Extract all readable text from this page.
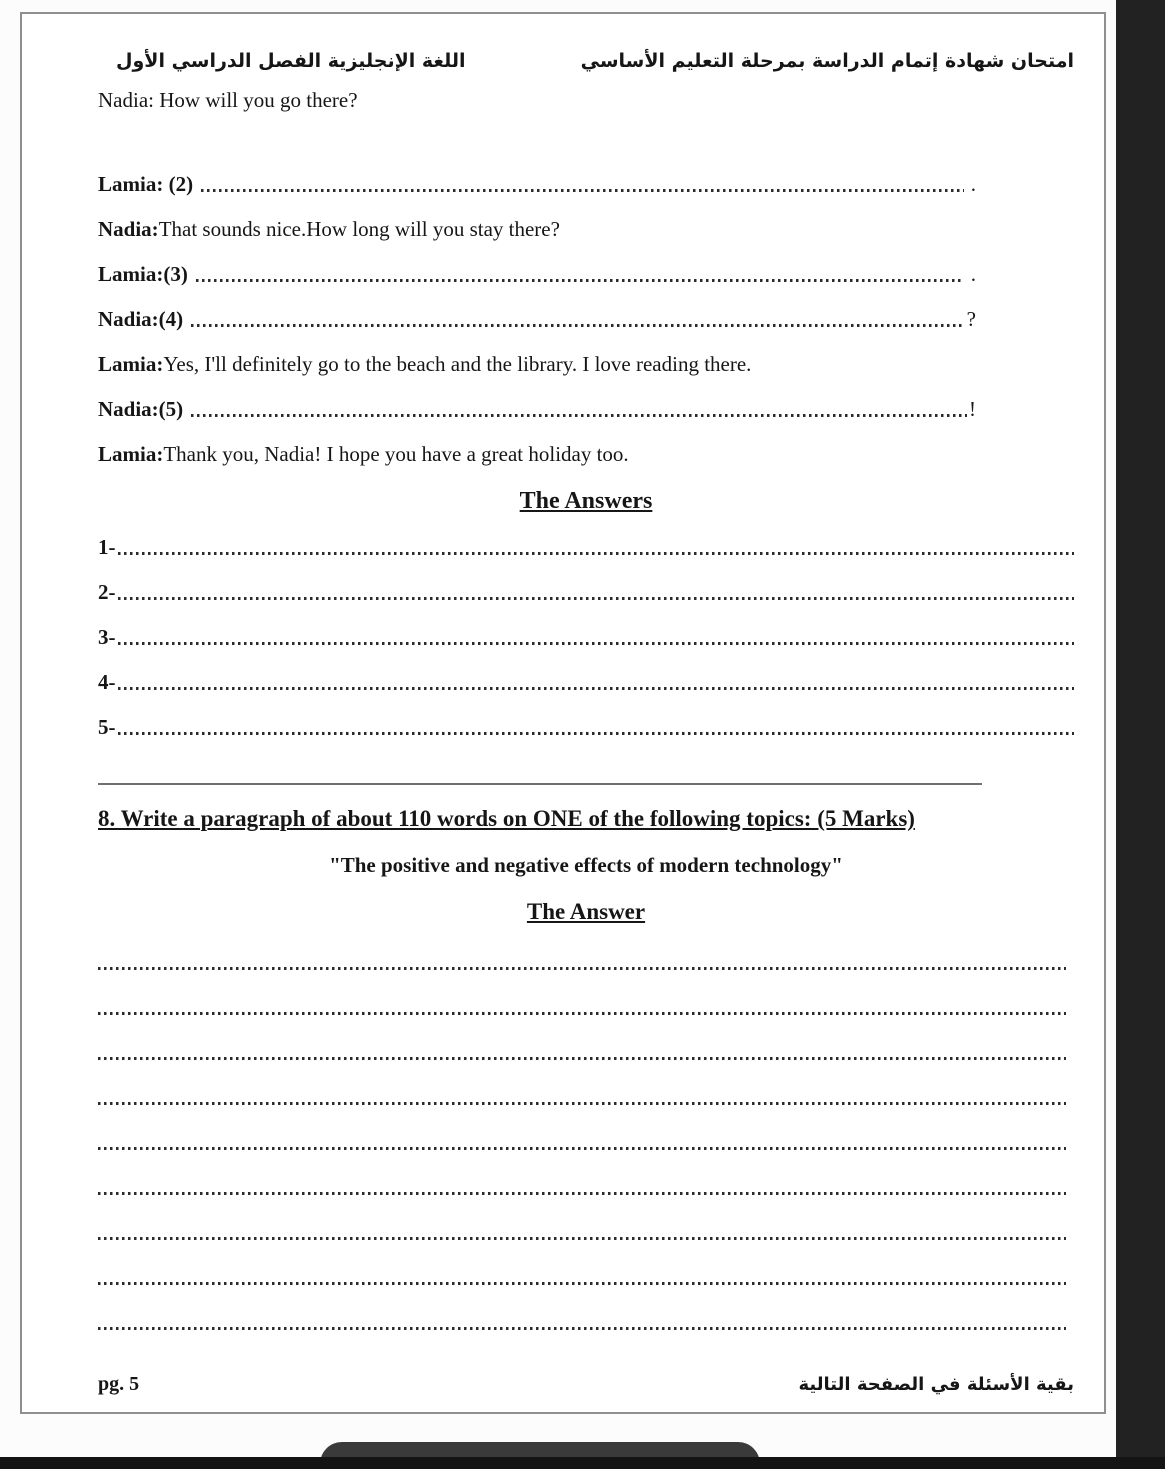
اللغة الإنجليزية الفصل الدراسي الأول	امتحان شهادة إتمام الدراسة بمرحلة التعليم الأساسي
Nadia: How will you go there?
Lamia: (2)	.
Nadia: That sounds nice.How long will you stay there?
Lamia:(3)	.
Nadia:(4)	?
Lamia: Yes, I'll definitely go to the beach and the library. I love reading there.
Nadia:(5)	!
Lamia: Thank you, Nadia! I hope you have a great holiday too.
The Answers
1-
2-
3-
4-
5-
8. Write a paragraph of about 110 words on ONE of the following topics: (5 Marks)
"The positive and negative effects of modern technology"
The Answer
pg. 5	بقية الأسئلة في الصفحة التالية
